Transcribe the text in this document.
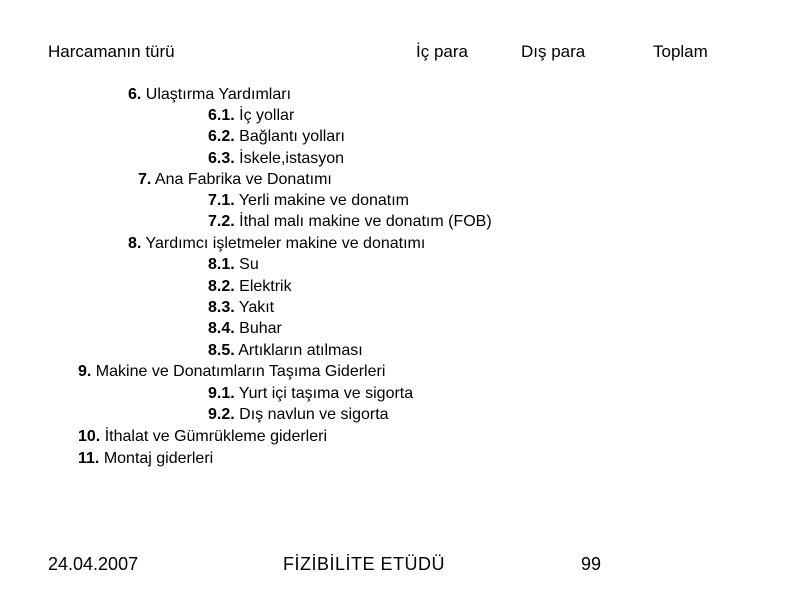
Harcamanın türü	İç para	Dış para	Toplam
6. Ulaştırma Yardımları
6.1. İç yollar
6.2. Bağlantı yolları
6.3. İskele,istasyon
7. Ana Fabrika ve Donatımı
7.1. Yerli makine ve donatım
7.2. İthal malı makine ve donatım (FOB)
8. Yardımcı işletmeler makine ve donatımı
8.1. Su
8.2. Elektrik
8.3. Yakıt
8.4. Buhar
8.5. Artıkların atılması
9. Makine ve Donatımların Taşıma Giderleri
9.1. Yurt içi taşıma ve sigorta
9.2. Dış navlun ve sigorta
10. İthalat ve Gümrükleme giderleri
11. Montaj giderleri
24.04.2007	FİZİBİLİTE ETÜDÜ	99
